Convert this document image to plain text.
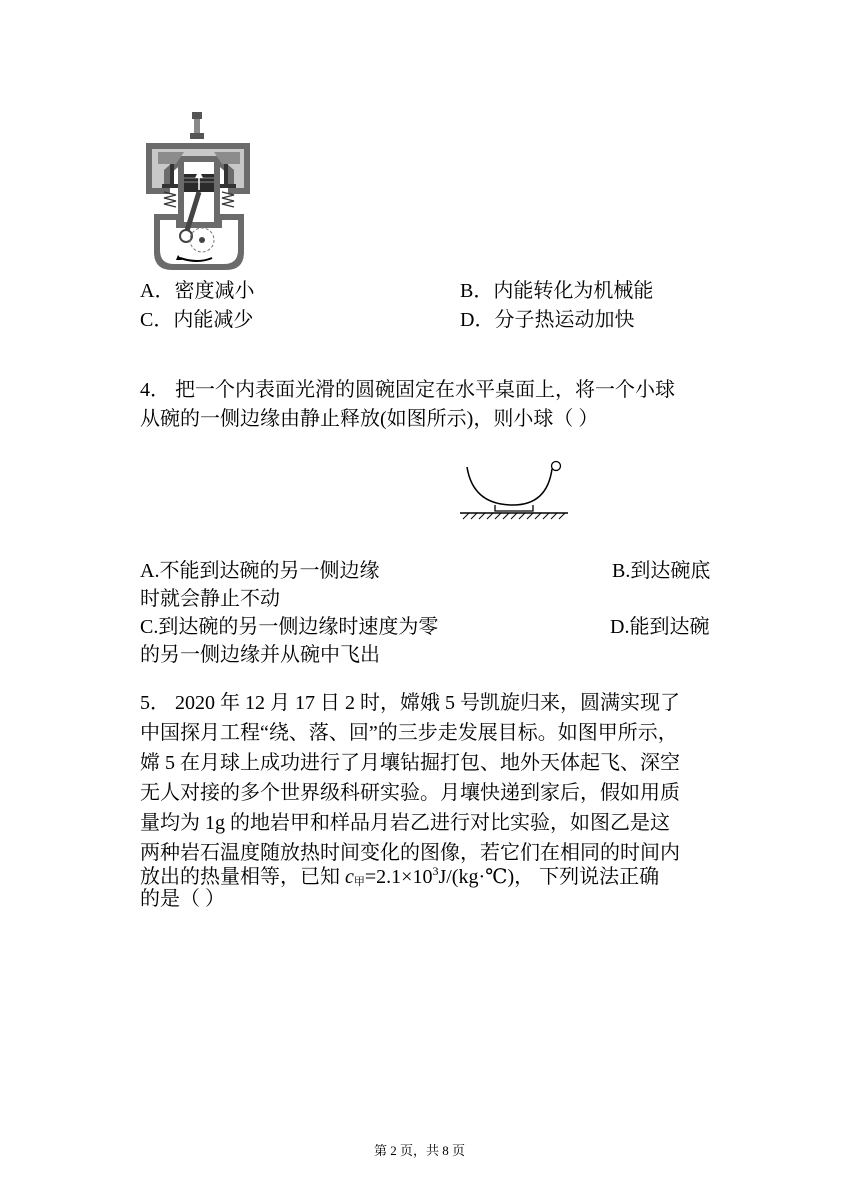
A．密度减小	B．内能转化为机械能
C．内能减少	D．分子热运动加快
4． 把一个内表面光滑的圆碗固定在水平桌面上，将一个小球
从碗的一侧边缘由静止释放(如图所示)，则小球（ ）
A.不能到达碗的另一侧边缘	B.到达碗底
时就会静止不动
C.到达碗的另一侧边缘时速度为零	D.能到达碗
的另一侧边缘并从碗中飞出
5． 2020 年 12 月 17 日 2 时，嫦娥 5 号凯旋归来，圆满实现了
中国探月工程“绕、落、回”的三步走发展目标。如图甲所示，
嫦 5 在月球上成功进行了月壤钻掘打包、地外天体起飞、深空
无人对接的多个世界级科研实验。月壤快递到家后，假如用质
量均为 1g 的地岩甲和样品月岩乙进行对比实验，如图乙是这
两种岩石温度随放热时间变化的图像，若它们在相同的时间内
放出的热量相等，已知 c甲$=2.1\times 10^3J/(kg\cdot℃)$， 下列说法正确
的是（ ）
第 2 页，共 8 页
